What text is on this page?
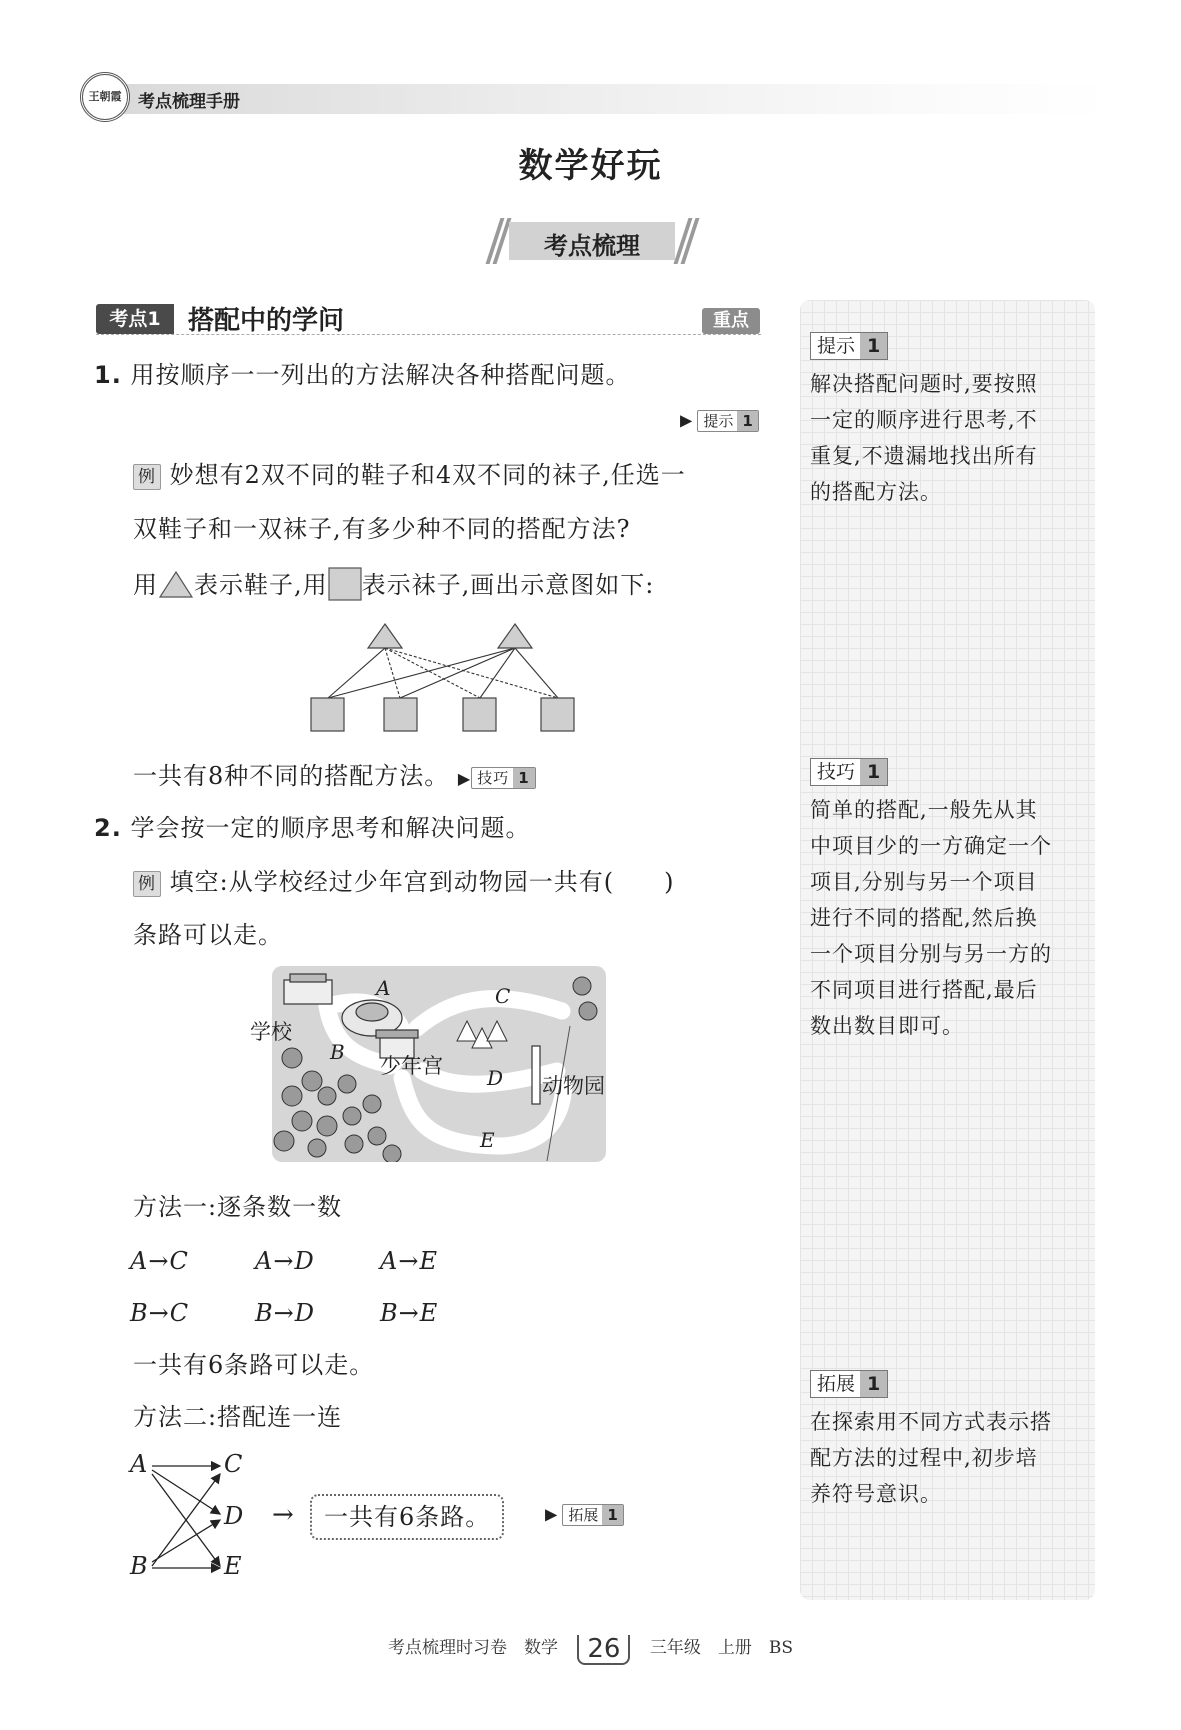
王朝霞 考点梳理手册
数学好玩
考点梳理
考点1	搭配中的学问	重点
1. 用按顺序一一列出的方法解决各种搭配问题。
▶ 提示 1
例 妙想有2双不同的鞋子和4双不同的袜子,任选一
双鞋子和一双袜子,有多少种不同的搭配方法?
用 表示鞋子,用 表示袜子,画出示意图如下:
一共有8种不同的搭配方法。 ▶ 技巧 1
2. 学会按一定的顺序思考和解决问题。
例 填空:从学校经过少年宫到动物园一共有(　　)
条路可以走。
学校
少年宫
动物园
A
B
C
D
E
方法一:逐条数一数
A→C	A→D	A→E
B→C	B→D	B→E
一共有6条路可以走。
方法二:搭配连一连
A
B
C
D
E
→	一共有6条路。	▶ 拓展 1
提示 1
解决搭配问题时,要按照
一定的顺序进行思考,不
重复,不遗漏地找出所有
的搭配方法。
技巧 1
简单的搭配,一般先从其
中项目少的一方确定一个
项目,分别与另一个项目
进行不同的搭配,然后换
一个项目分别与另一方的
不同项目进行搭配,最后
数出数目即可。
拓展 1
在探索用不同方式表示搭
配方法的过程中,初步培
养符号意识。
考点梳理时习卷　数学 26 三年级　上册　BS
